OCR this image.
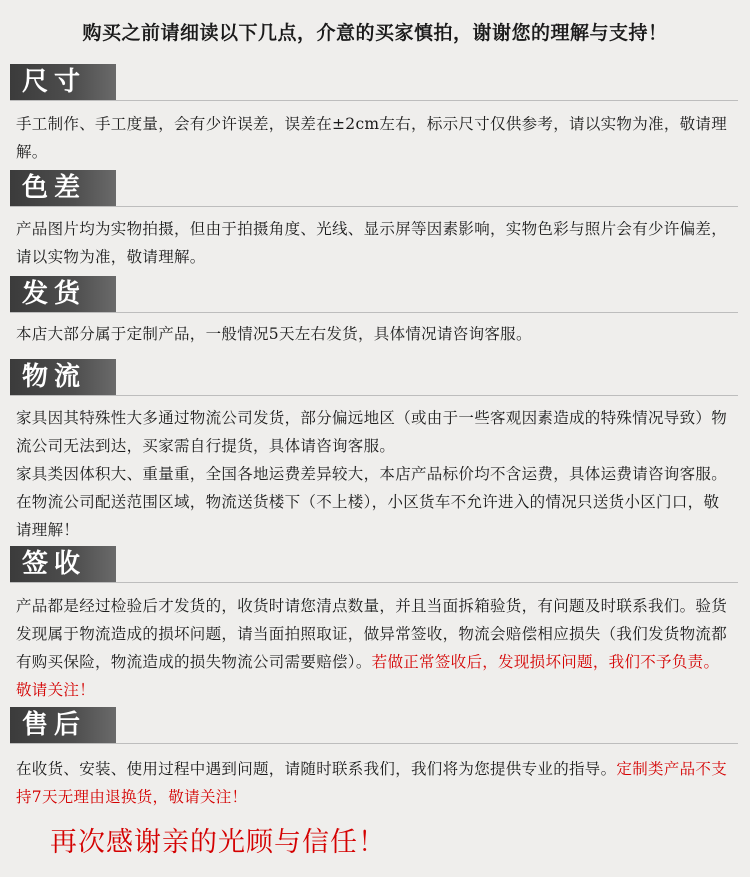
购买之前请细读以下几点，介意的买家慎拍，谢谢您的理解与支持！
尺寸

手工制作、手工度量，会有少许误差，误差在±2cm左右，标示尺寸仅供参考，请以实物为准，敬请理解。

色差

产品图片均为实物拍摄，但由于拍摄角度、光线、显示屏等因素影响，实物色彩与照片会有少许偏差，请以实物为准，敬请理解。

发货

本店大部分属于定制产品，一般情况5天左右发货，具体情况请咨询客服。

物流

家具因其特殊性大多通过物流公司发货，部分偏远地区（或由于一些客观因素造成的特殊情况导致）物流公司无法到达，买家需自行提货，具体请咨询客服。

家具类因体积大、重量重，全国各地运费差异较大，本店产品标价均不含运费，具体运费请咨询客服。在物流公司配送范围区域，物流送货楼下（不上楼），小区货车不允许进入的情况只送货小区门口，敬请理解！

签收

产品都是经过检验后才发货的，收货时请您清点数量，并且当面拆箱验货，有问题及时联系我们。验货发现属于物流造成的损坏问题，请当面拍照取证，做异常签收，物流会赔偿相应损失（我们发货物流都有购买保险，物流造成的损失物流公司需要赔偿）。若做正常签收后，发现损坏问题，我们不予负责。敬请关注！

售后

在收货、安装、使用过程中遇到问题，请随时联系我们，我们将为您提供专业的指导。定制类产品不支持7天无理由退换货，敬请关注！

再次感谢亲的光顾与信任！
